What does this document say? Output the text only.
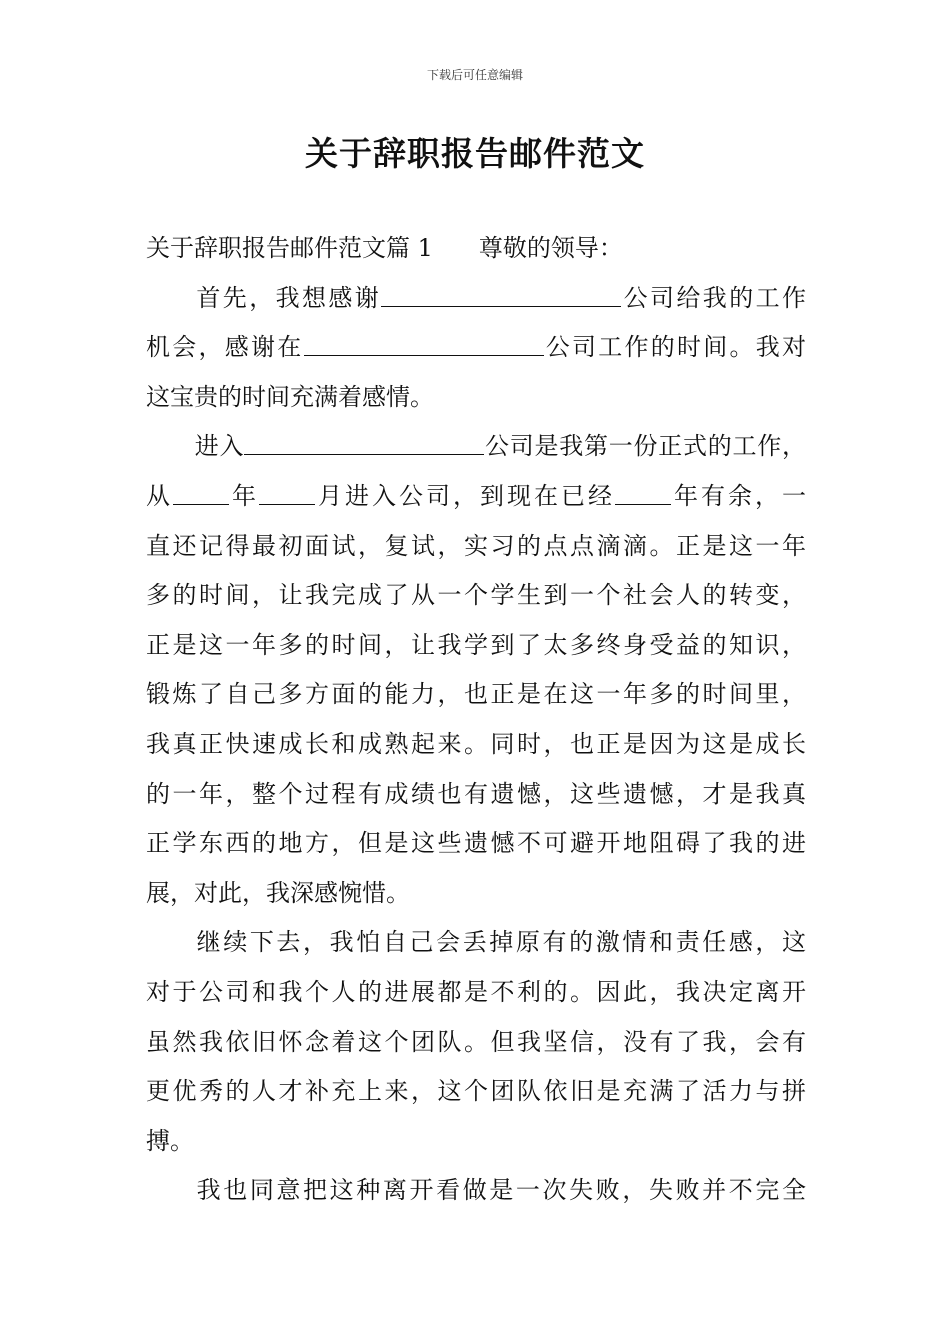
下载后可任意编辑
关于辞职报告邮件范文
关于辞职报告邮件范文篇 1 尊敬的领导：
首先，我想感谢	公司给我的工作
机会，感谢在	公司工作的时间。我对
这宝贵的时间充满着感情。
进入	公司是我第一份正式的工作，
从 年 月进入公司，到现在已经 年有余，一
直还记得最初面试，复试，实习的点点滴滴。正是这一年
多的时间，让我完成了从一个学生到一个社会人的转变，
正是这一年多的时间，让我学到了太多终身受益的知识，
锻炼了自己多方面的能力，也正是在这一年多的时间里，
我真正快速成长和成熟起来。同时，也正是因为这是成长
的一年，整个过程有成绩也有遗憾，这些遗憾，才是我真
正学东西的地方，但是这些遗憾不可避开地阻碍了我的进
展，对此，我深感惋惜。
继续下去，我怕自己会丢掉原有的激情和责任感，这
对于公司和我个人的进展都是不利的。因此，我决定离开
虽然我依旧怀念着这个团队。但我坚信，没有了我，会有
更优秀的人才补充上来，这个团队依旧是充满了活力与拼
搏。
我也同意把这种离开看做是一次失败，失败并不完全
